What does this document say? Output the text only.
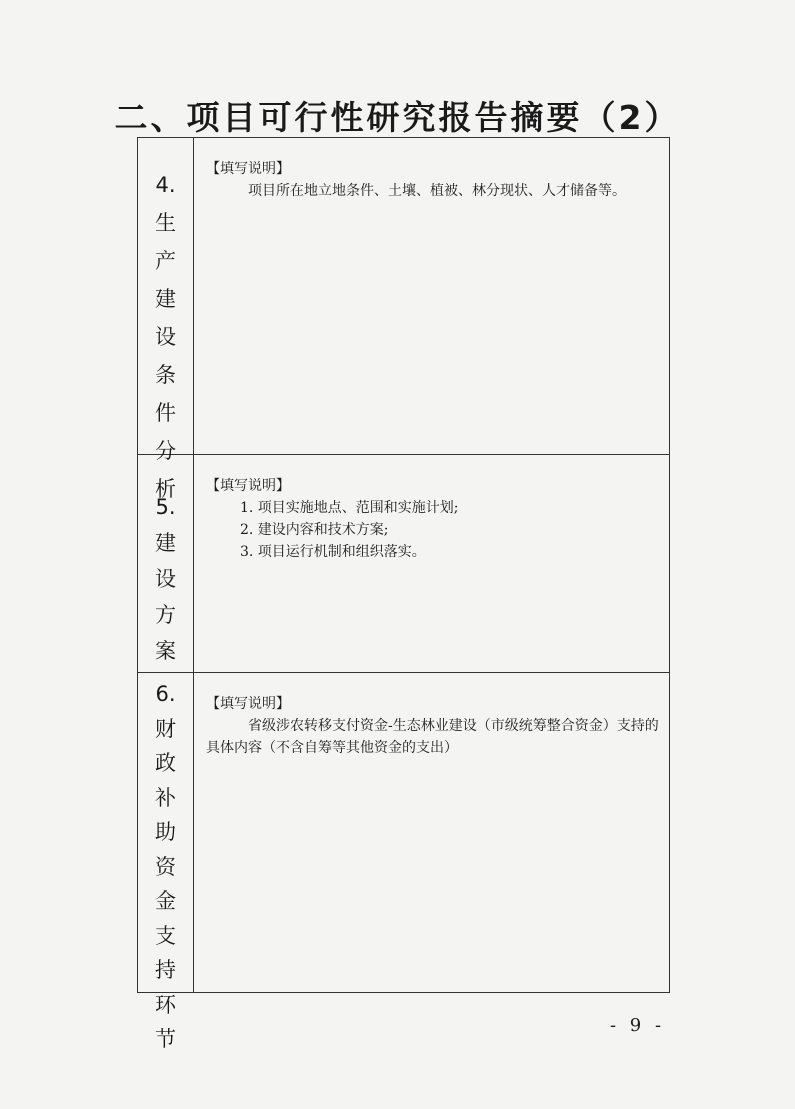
二、项目可行性研究报告摘要（2）
4.
生
产
建
设
条
件
分
析
【填写说明】
项目所在地立地条件、土壤、植被、林分现状、人才储备等。
5.
建
设
方
案
【填写说明】
1. 项目实施地点、范围和实施计划;
2. 建设内容和技术方案;
3. 项目运行机制和组织落实。
6.
财
政
补
助
资
金
支
持
环
节
【填写说明】
省级涉农转移支付资金-生态林业建设（市级统筹整合资金）支持的具体内容（不含自筹等其他资金的支出）
- 9 -
